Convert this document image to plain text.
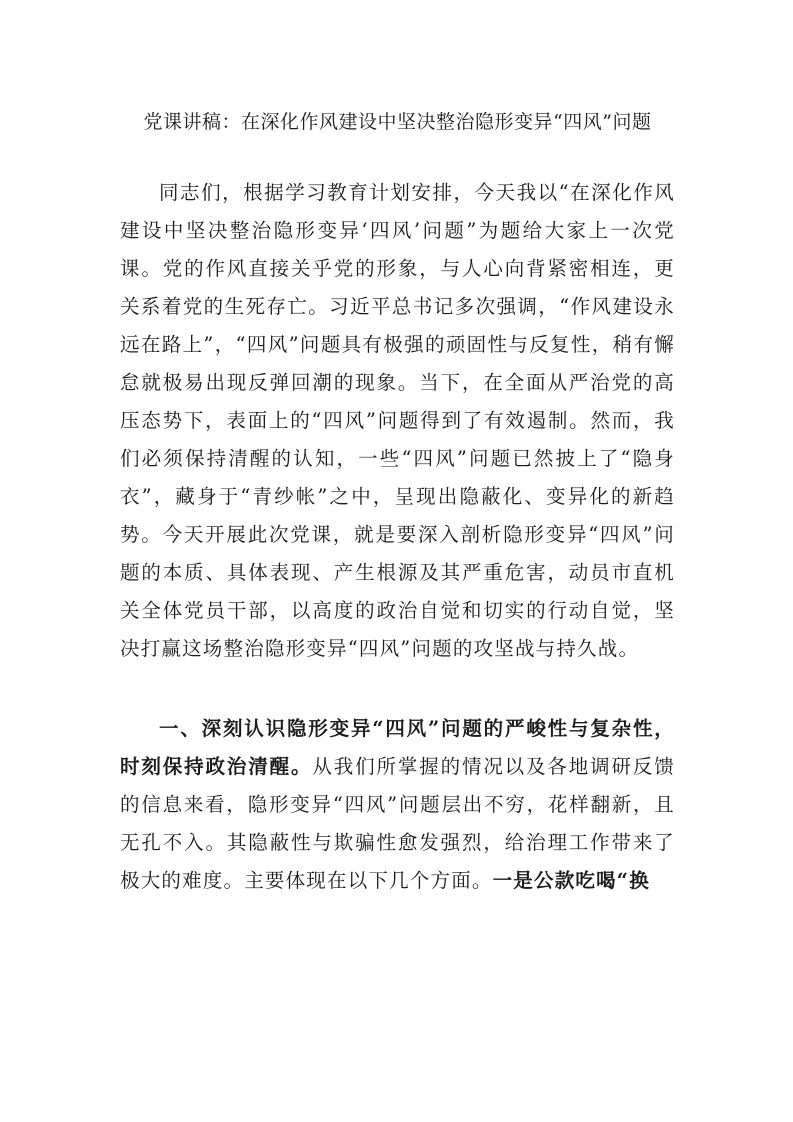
党课讲稿：在深化作风建设中坚决整治隐形变异“四风”问题

同志们，根据学习教育计划安排，今天我以“在深化作风建设中坚决整治隐形变异‘四风’问题”为题给大家上一次党课。党的作风直接关乎党的形象，与人心向背紧密相连，更关系着党的生死存亡。习近平总书记多次强调，“作风建设永远在路上”，“四风”问题具有极强的顽固性与反复性，稍有懈怠就极易出现反弹回潮的现象。当下，在全面从严治党的高压态势下，表面上的“四风”问题得到了有效遏制。然而，我们必须保持清醒的认知，一些“四风”问题已然披上了“隐身衣”，藏身于“青纱帐”之中，呈现出隐蔽化、变异化的新趋势。今天开展此次党课，就是要深入剖析隐形变异“四风”问题的本质、具体表现、产生根源及其严重危害，动员市直机关全体党员干部，以高度的政治自觉和切实的行动自觉，坚决打赢这场整治隐形变异“四风”问题的攻坚战与持久战。

一、深刻认识隐形变异“四风”问题的严峻性与复杂性，时刻保持政治清醒。从我们所掌握的情况以及各地调研反馈的信息来看，隐形变异“四风”问题层出不穷，花样翻新，且无孔不入。其隐蔽性与欺骗性愈发强烈，给治理工作带来了极大的难度。主要体现在以下几个方面。一是公款吃喝“换
